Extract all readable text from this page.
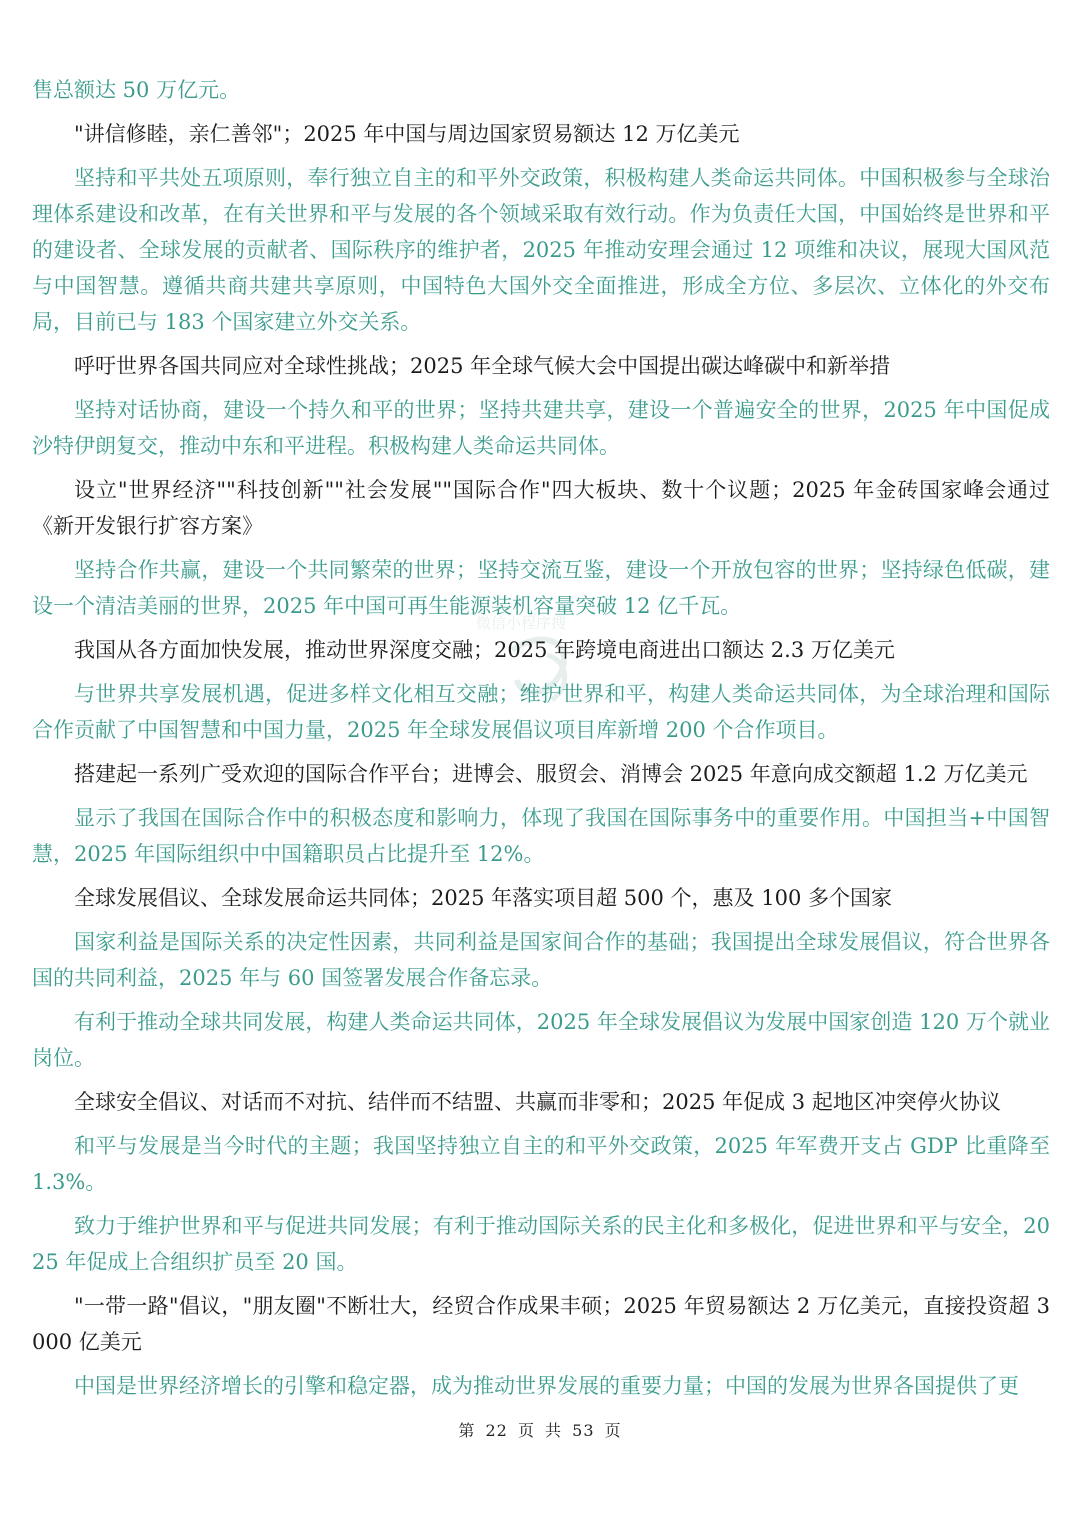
微信小程序搜

售总额达 50 万亿元。

"讲信修睦，亲仁善邻"；2025 年中国与周边国家贸易额达 12 万亿美元

坚持和平共处五项原则，奉行独立自主的和平外交政策，积极构建人类命运共同体。中国积极参与全球治理体系建设和改革，在有关世界和平与发展的各个领域采取有效行动。作为负责任大国，中国始终是世界和平的建设者、全球发展的贡献者、国际秩序的维护者，2025 年推动安理会通过 12 项维和决议，展现大国风范与中国智慧。遵循共商共建共享原则，中国特色大国外交全面推进，形成全方位、多层次、立体化的外交布局，目前已与 183 个国家建立外交关系。

呼吁世界各国共同应对全球性挑战；2025 年全球气候大会中国提出碳达峰碳中和新举措

坚持对话协商，建设一个持久和平的世界；坚持共建共享，建设一个普遍安全的世界，2025 年中国促成沙特伊朗复交，推动中东和平进程。积极构建人类命运共同体。

设立"世界经济""科技创新""社会发展""国际合作"四大板块、数十个议题；2025 年金砖国家峰会通过《新开发银行扩容方案》

坚持合作共赢，建设一个共同繁荣的世界；坚持交流互鉴，建设一个开放包容的世界；坚持绿色低碳，建设一个清洁美丽的世界，2025 年中国可再生能源装机容量突破 12 亿千瓦。

我国从各方面加快发展，推动世界深度交融；2025 年跨境电商进出口额达 2.3 万亿美元

与世界共享发展机遇，促进多样文化相互交融；维护世界和平，构建人类命运共同体，为全球治理和国际合作贡献了中国智慧和中国力量，2025 年全球发展倡议项目库新增 200 个合作项目。

搭建起一系列广受欢迎的国际合作平台；进博会、服贸会、消博会 2025 年意向成交额超 1.2 万亿美元

显示了我国在国际合作中的积极态度和影响力，体现了我国在国际事务中的重要作用。中国担当+中国智慧，2025 年国际组织中中国籍职员占比提升至 12%。

全球发展倡议、全球发展命运共同体；2025 年落实项目超 500 个，惠及 100 多个国家

国家利益是国际关系的决定性因素，共同利益是国家间合作的基础；我国提出全球发展倡议，符合世界各国的共同利益，2025 年与 60 国签署发展合作备忘录。

有利于推动全球共同发展，构建人类命运共同体，2025 年全球发展倡议为发展中国家创造 120 万个就业岗位。

全球安全倡议、对话而不对抗、结伴而不结盟、共赢而非零和；2025 年促成 3 起地区冲突停火协议

和平与发展是当今时代的主题；我国坚持独立自主的和平外交政策，2025 年军费开支占 GDP 比重降至 1.3%。

致力于维护世界和平与促进共同发展；有利于推动国际关系的民主化和多极化，促进世界和平与安全，2025 年促成上合组织扩员至 20 国。

"一带一路"倡议，"朋友圈"不断壮大，经贸合作成果丰硕；2025 年贸易额达 2 万亿美元，直接投资超 3000 亿美元

中国是世界经济增长的引擎和稳定器，成为推动世界发展的重要力量；中国的发展为世界各国提供了更

第 22 页 共 53 页
